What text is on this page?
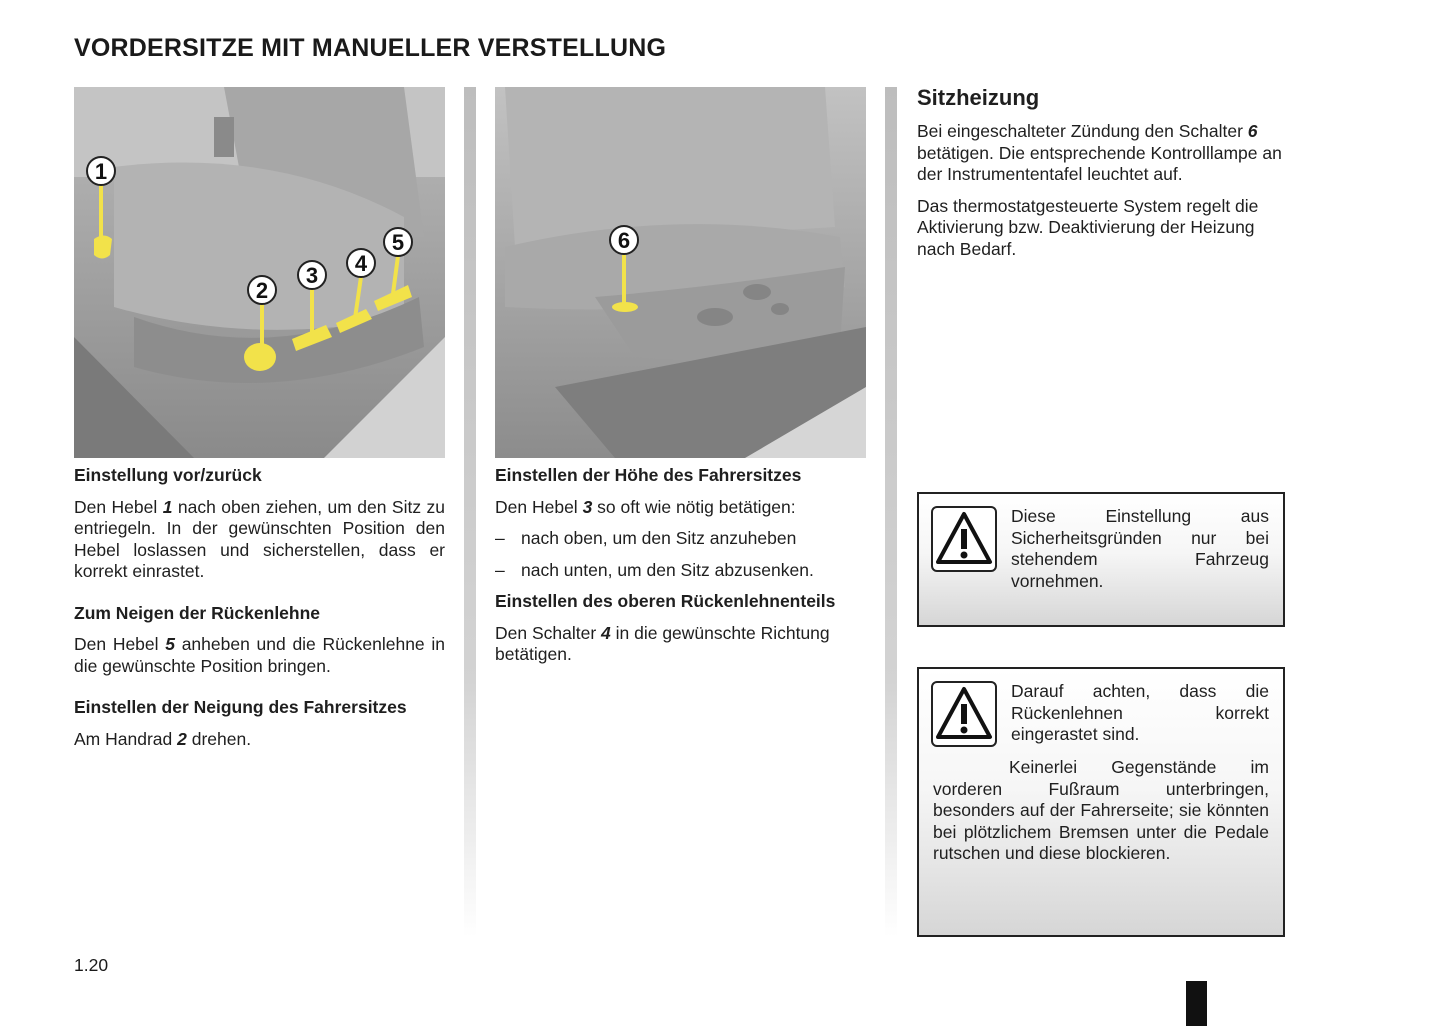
VORDERSITZE MIT MANUELLER VERSTELLUNG
1
2
3 4
5	6
Einstellung vor/zurück

Den Hebel 1 nach oben ziehen, um den Sitz zu entriegeln. In der gewünschten Position den Hebel loslassen und sicherstellen, dass er korrekt einrastet.

Zum Neigen der Rückenlehne

Den Hebel 5 anheben und die Rückenlehne in die gewünschte Position bringen.

Einstellen der Neigung des Fahrersitzes

Am Handrad 2 drehen.

Einstellen der Höhe des Fahrersitzes

Den Hebel 3 so oft wie nötig betätigen:

– nach oben, um den Sitz anzuheben
– nach unten, um den Sitz abzusenken.
Einstellen des oberen Rückenlehnenteils

Den Schalter 4 in die gewünschte Richtung betätigen.

Sitzheizung

Bei eingeschalteter Zündung den Schalter 6 betätigen. Die entsprechende Kontrolllampe an der Instrumententafel leuchtet auf.

Das thermostatgesteuerte System regelt die Aktivierung bzw. Deaktivierung der Heizung nach Bedarf.

Diese Einstellung aus Sicherheitsgründen nur bei stehendem Fahrzeug vornehmen.
Darauf achten, dass die Rückenlehnen korrekt eingerastet sind.
Keinerlei Gegenstände im vorderen Fußraum unterbringen, besonders auf der Fahrerseite; sie könnten bei plötzlichem Bremsen unter die Pedale rutschen und diese blockieren.
1.20
